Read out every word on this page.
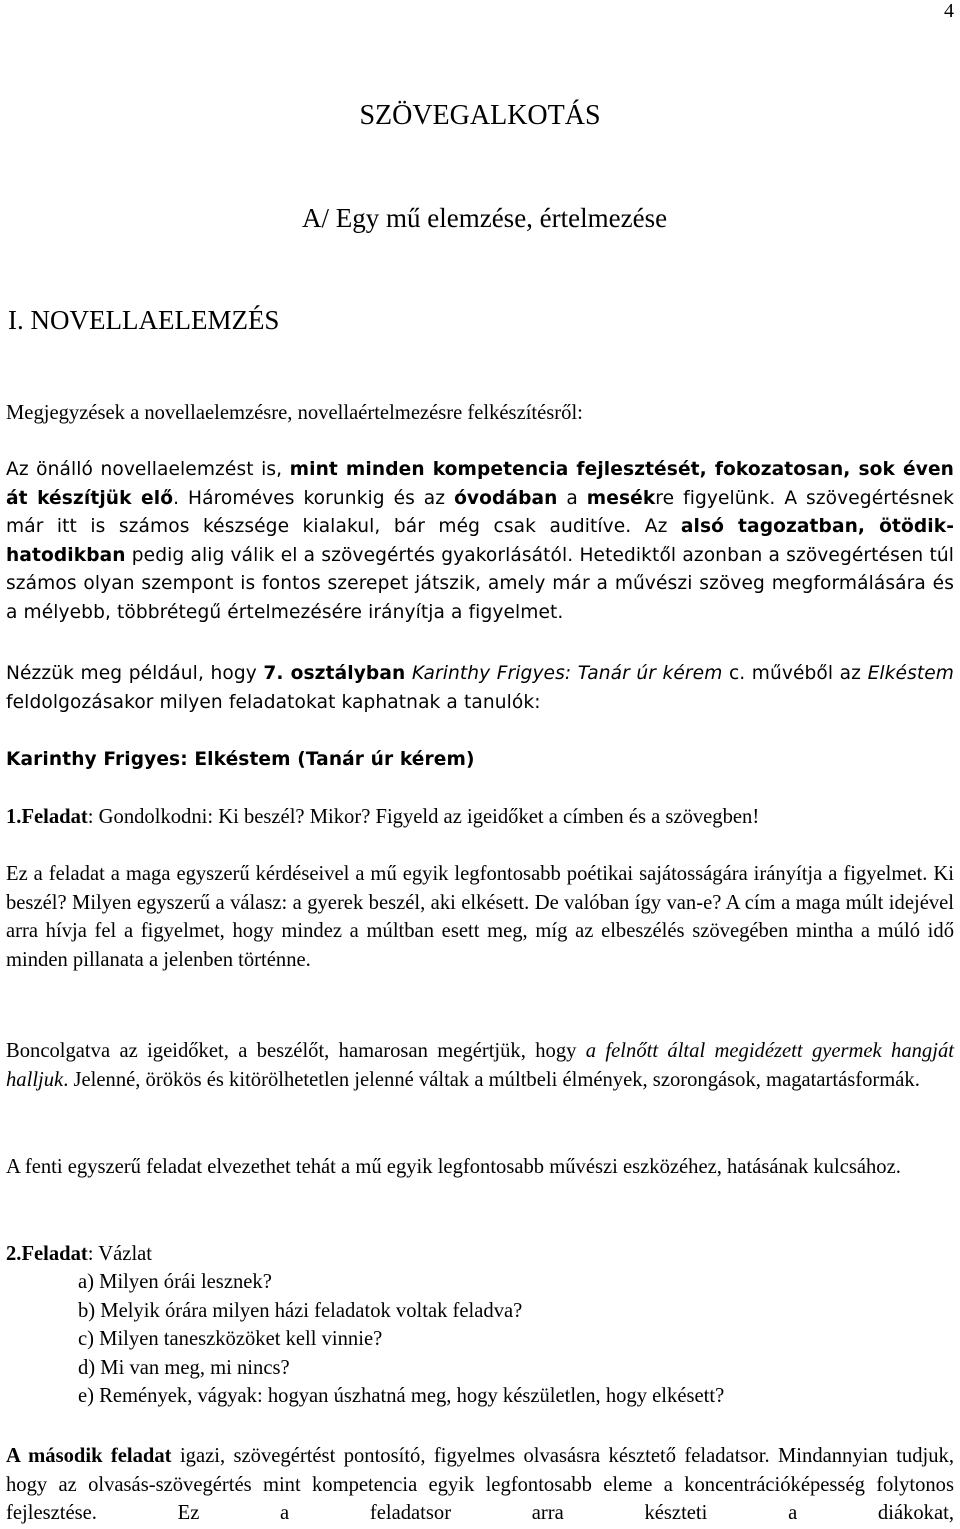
4
SZÖVEGALKOTÁS
A/ Egy mű elemzése, értelmezése
I. NOVELLAELEMZÉS

Megjegyzések a novellaelemzésre, novellaértelmezésre felkészítésről:

Az önálló novellaelemzést is, mint minden kompetencia fejlesztését, fokozatosan, sok éven át készítjük elő. Hároméves korunkig és az óvodában a mesékre figyelünk. A szövegértésnek már itt is számos készsége kialakul, bár még csak auditíve. Az alsó tagozatban, ötödik-hatodikban pedig alig válik el a szövegértés gyakorlásától. Hetediktől azonban a szövegértésen túl számos olyan szempont is fontos szerepet játszik, amely már a művészi szöveg megformálására és a mélyebb, többrétegű értelmezésére irányítja a figyelmet.

Nézzük meg például, hogy 7. osztályban Karinthy Frigyes: Tanár úr kérem c. művéből az Elkéstem feldolgozásakor milyen feladatokat kaphatnak a tanulók:

Karinthy Frigyes: Elkéstem (Tanár úr kérem)

1.Feladat: Gondolkodni: Ki beszél? Mikor? Figyeld az igeidőket a címben és a szövegben!

Ez a feladat a maga egyszerű kérdéseivel a mű egyik legfontosabb poétikai sajátosságára irányítja a figyelmet. Ki beszél? Milyen egyszerű a válasz: a gyerek beszél, aki elkésett. De valóban így van-e? A cím a maga múlt idejével arra hívja fel a figyelmet, hogy mindez a múltban esett meg, míg az elbeszélés szövegében mintha a múló idő minden pillanata a jelenben történne.

Boncolgatva az igeidőket, a beszélőt, hamarosan megértjük, hogy a felnőtt által megidézett gyermek hangját halljuk. Jelenné, örökös és kitörölhetetlen jelenné váltak a múltbeli élmények, szorongások, magatartásformák.

A fenti egyszerű feladat elvezethet tehát a mű egyik legfontosabb művészi eszközéhez, hatásának kulcsához.

2.Feladat: Vázlat

a) Milyen órái lesznek?
b) Melyik órára milyen házi feladatok voltak feladva?
c) Milyen taneszközöket kell vinnie?
d) Mi van meg, mi nincs?
e) Remények, vágyak: hogyan úszhatná meg, hogy készületlen, hogy elkésett?

A második feladat igazi, szövegértést pontosító, figyelmes olvasásra késztető feladatsor. Mindannyian tudjuk, hogy az olvasás-szövegértés mint kompetencia egyik legfontosabb eleme a koncentrációképesség folytonos fejlesztése. Ez a feladatsor arra készteti a diákokat,
